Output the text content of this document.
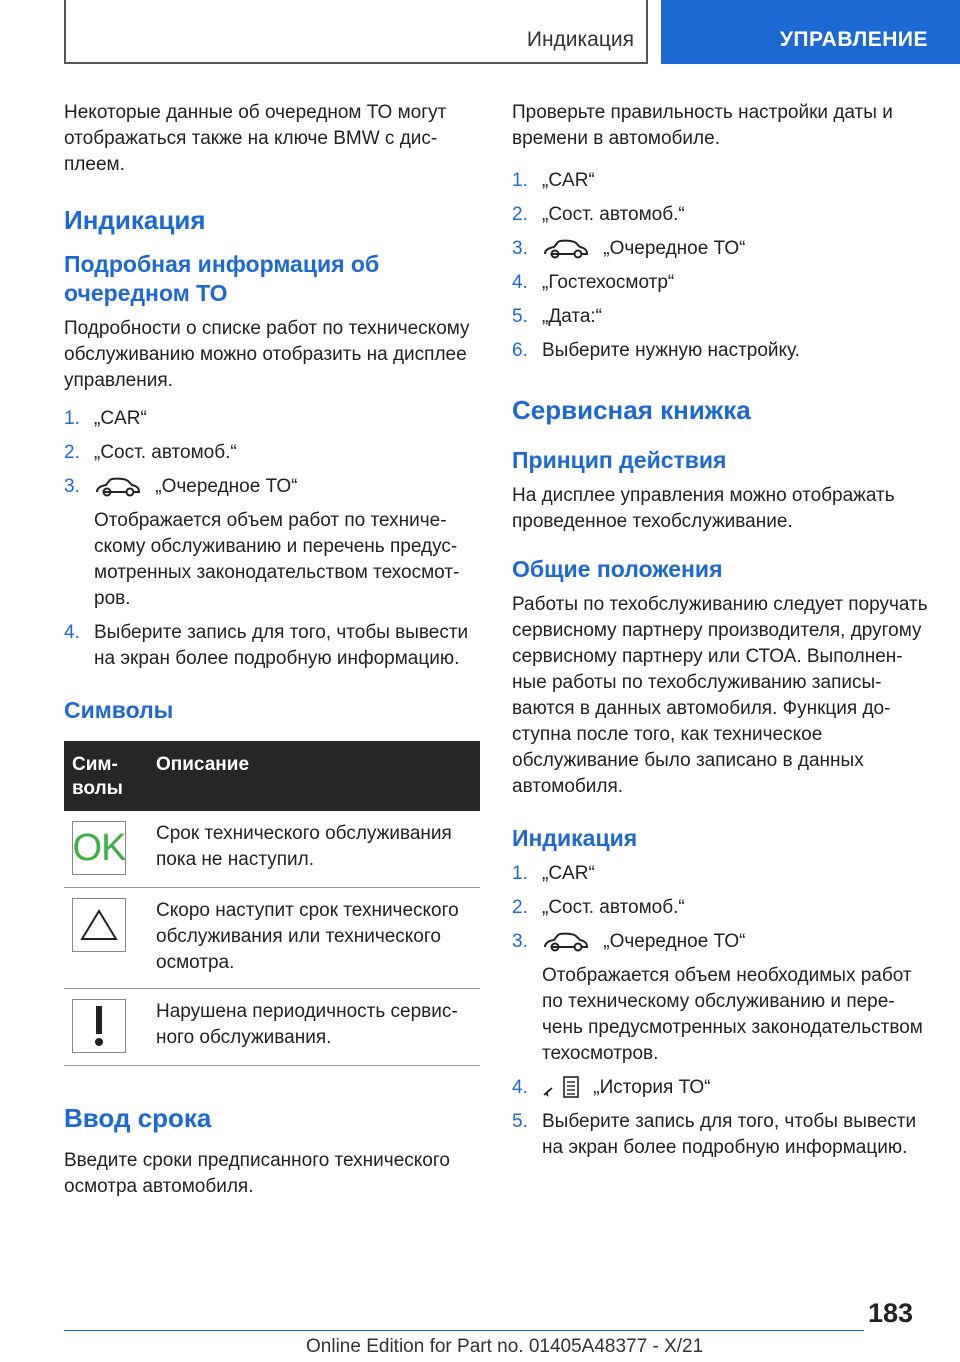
Индикация	УПРАВЛЕНИЕ

Некоторые данные об очередном ТО могут отображаться также на ключе BMW с дис-плеем.

Индикация
Подробная информация об очередном ТО

Подробности о списке работ по техническому обслуживанию можно отобразить на дисплее управления.

1. „CAR“
2. „Сост. автомоб.“
3.	„Очередное ТО“
Отображается объем работ по техниче-скому обслуживанию и перечень предус-мотренных законодательством техосмот-ров.
4. Выберите запись для того, чтобы вывести на экран более подробную информацию.
Символы
Сим-волы	Описание

OK	Срок технического обслуживания пока не наступил.

	Скоро наступит срок технического обслуживания или технического осмотра.

	Нарушена периодичность сервис-ного обслуживания.
Ввод срока

Введите сроки предписанного технического осмотра автомобиля.

Проверьте правильность настройки даты и времени в автомобиле.

1. „CAR“
2. „Сост. автомоб.“
3.	„Очередное ТО“
4. „Гостехосмотр“
5. „Дата:“
6. Выберите нужную настройку.
Сервисная книжка
Принцип действия

На дисплее управления можно отображать проведенное техобслуживание.

Общие положения

Работы по техобслуживанию следует поручать сервисному партнеру производителя, другому сервисному партнеру или СТОА. Выполнен-ные работы по техобслуживанию записы-ваются в данных автомобиля. Функция до-ступна после того, как техническое обслуживание было записано в данных автомобиля.

Индикация
1. „CAR“
2. „Сост. автомоб.“
3.	„Очередное ТО“
Отображается объем необходимых работ по техническому обслуживанию и пере-чень предусмотренных законодательством техосмотров.
4.	„История ТО“
5. Выберите запись для того, чтобы вывести на экран более подробную информацию.
183
Online Edition for Part no. 01405A48377 - X/21
